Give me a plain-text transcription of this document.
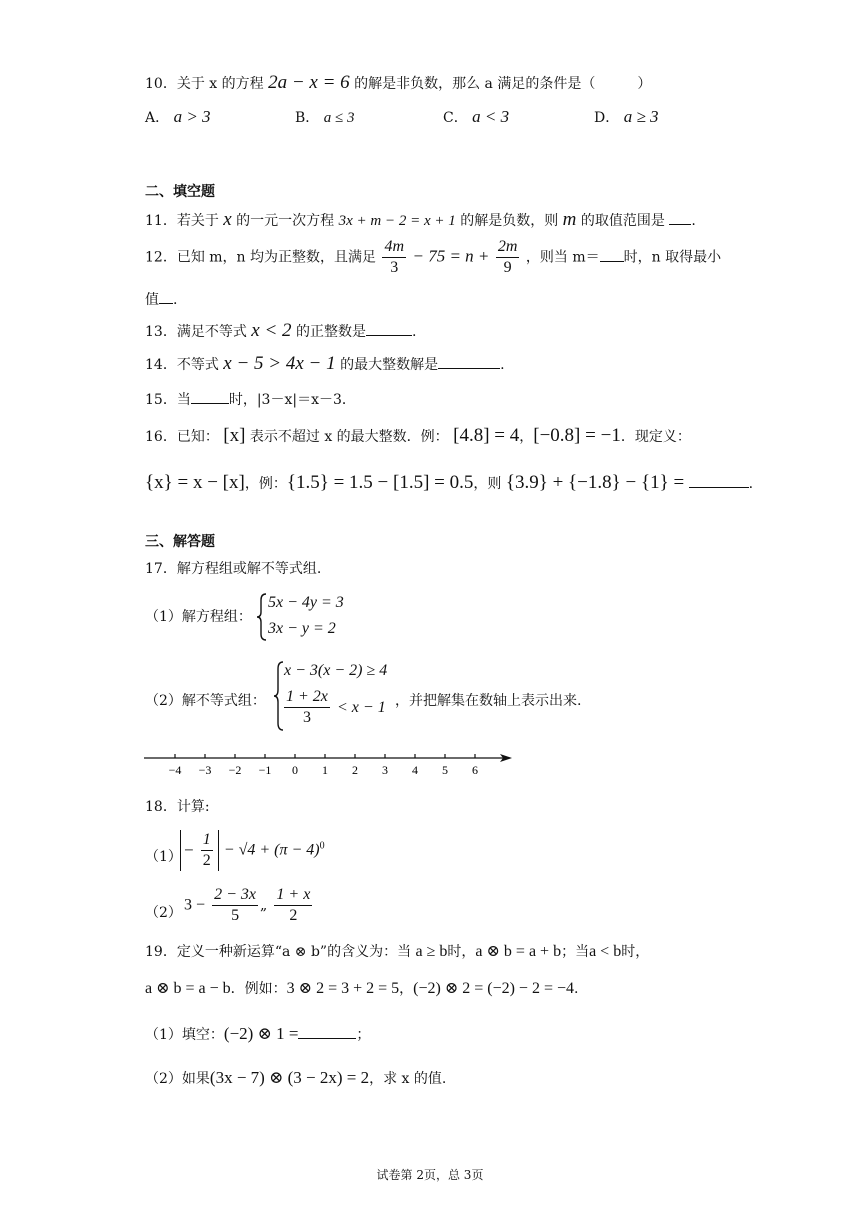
10．关于 x 的方程 2a − x = 6 的解是非负数，那么 a 满足的条件是（　　　）
A． a > 3	B． a ≤ 3	C． a < 3	D． a ≥ 3
二、填空题
11．若关于 x 的一元一次方程 3x + m − 2 = x + 1 的解是负数，则 m 的取值范围是 .
12．已知 m，n 均为正整数，且满足 $\frac{4m}{3} - 75 = n + \frac{2m}{9}$ ，则当 m＝ 时，n 取得最小
值 .
13．满足不等式 x < 2 的正整数是	.
14．不等式 x − 5 > 4x − 1 的最大整数解是	.
15．当	时，|3－x|＝x－3．
16．已知： [x] 表示不超过 x 的最大整数．例： [4.8] = 4，[−0.8] = −1．现定义：
{x} = x − [x]，例：{1.5} = 1.5 − [1.5] = 0.5，则 {3.9} + {−1.8} − {1} =	.
三、解答题
17．解方程组或解不等式组.
（1）解方程组：
5x − 4y = 3
3x − y = 2
（2）解不等式组：
x − 3(x − 2) ≥ 4
$\frac{1 + 2x}{3} < x - 1$ ，并把解集在数轴上表示出来.
−4 −3 −2 −1 0 1 2 3 4 5 6
18．计算:
$(1) - \frac{1}{2} - √4 + (\pi - 4)^0$
（2） $3 - \frac{2 - 3x}{5}$ „ $\frac{1 + x}{2}$
19．定义一种新运算“a ⊗ b”的含义为：当 a ≥ b时，a ⊗ b = a + b；当a < b时，
a ⊗ b = a − b．例如：3 ⊗ 2 = 3 + 2 = 5，(−2) ⊗ 2 = (−2) − 2 = −4.
（1）填空：(−2) ⊗ 1 =	；
（2）如果(3x − 7) ⊗ (3 − 2x) = 2，求 x 的值.
试卷第 2页，总 3页
